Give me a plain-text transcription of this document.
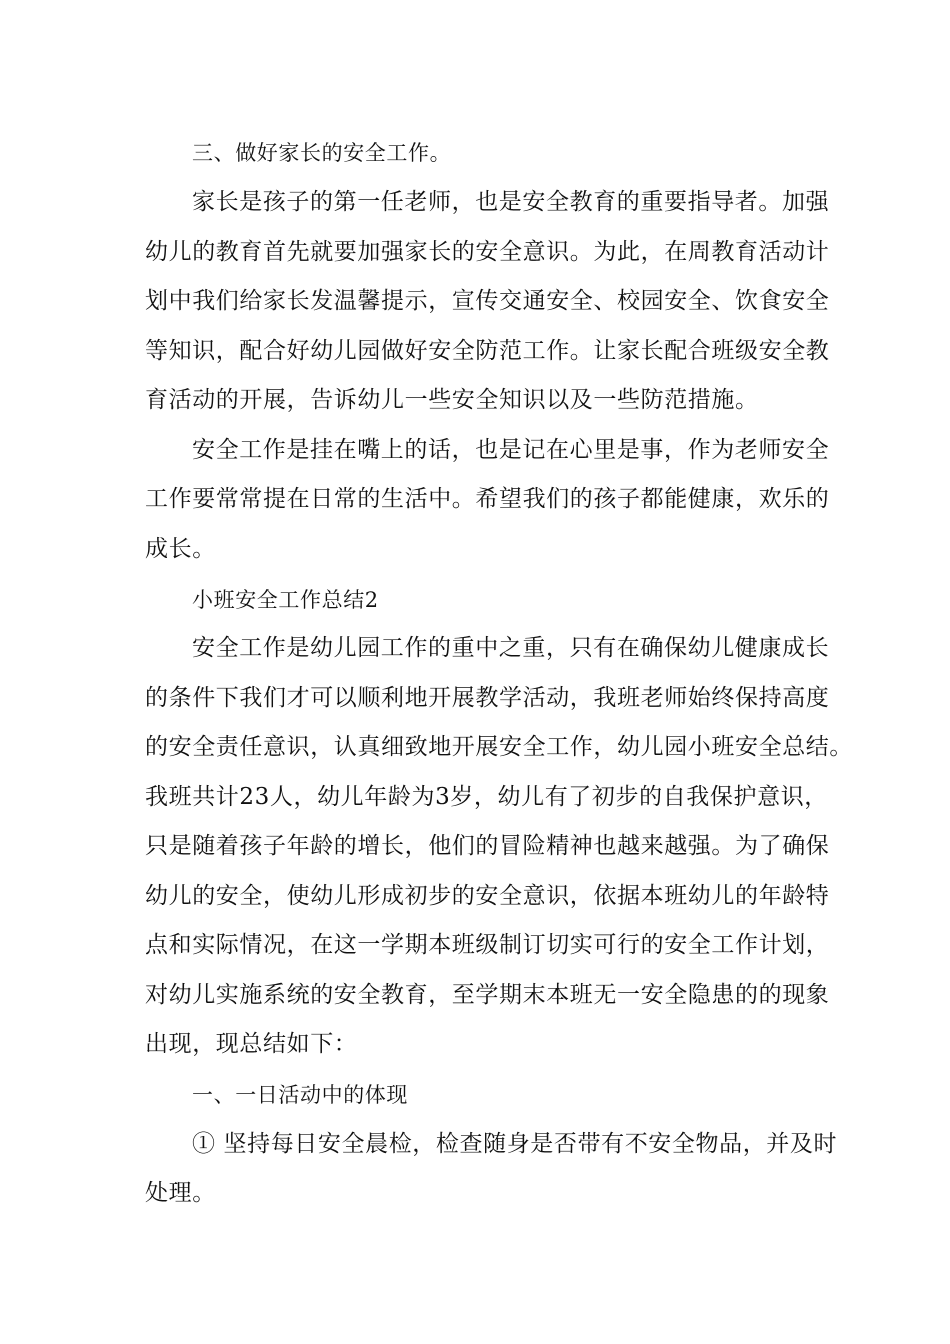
三、做好家长的安全工作。
家长是孩子的第一任老师，也是安全教育的重要指导者。加强
幼儿的教育首先就要加强家长的安全意识。为此，在周教育活动计
划中我们给家长发温馨提示，宣传交通安全、校园安全、饮食安全
等知识，配合好幼儿园做好安全防范工作。让家长配合班级安全教
育活动的开展，告诉幼儿一些安全知识以及一些防范措施。
安全工作是挂在嘴上的话，也是记在心里是事，作为老师安全
工作要常常提在日常的生活中。希望我们的孩子都能健康，欢乐的
成长。
小班安全工作总结2
安全工作是幼儿园工作的重中之重，只有在确保幼儿健康成长
的条件下我们才可以顺利地开展教学活动，我班老师始终保持高度
的安全责任意识，认真细致地开展安全工作，幼儿园小班安全总结。
我班共计23人，幼儿年龄为3岁，幼儿有了初步的自我保护意识，
只是随着孩子年龄的增长，他们的冒险精神也越来越强。为了确保
幼儿的安全，使幼儿形成初步的安全意识，依据本班幼儿的年龄特
点和实际情况，在这一学期本班级制订切实可行的安全工作计划，
对幼儿实施系统的安全教育，至学期末本班无一安全隐患的的现象
出现，现总结如下：
一、一日活动中的体现
① 坚持每日安全晨检，检查随身是否带有不安全物品，并及时
处理。
